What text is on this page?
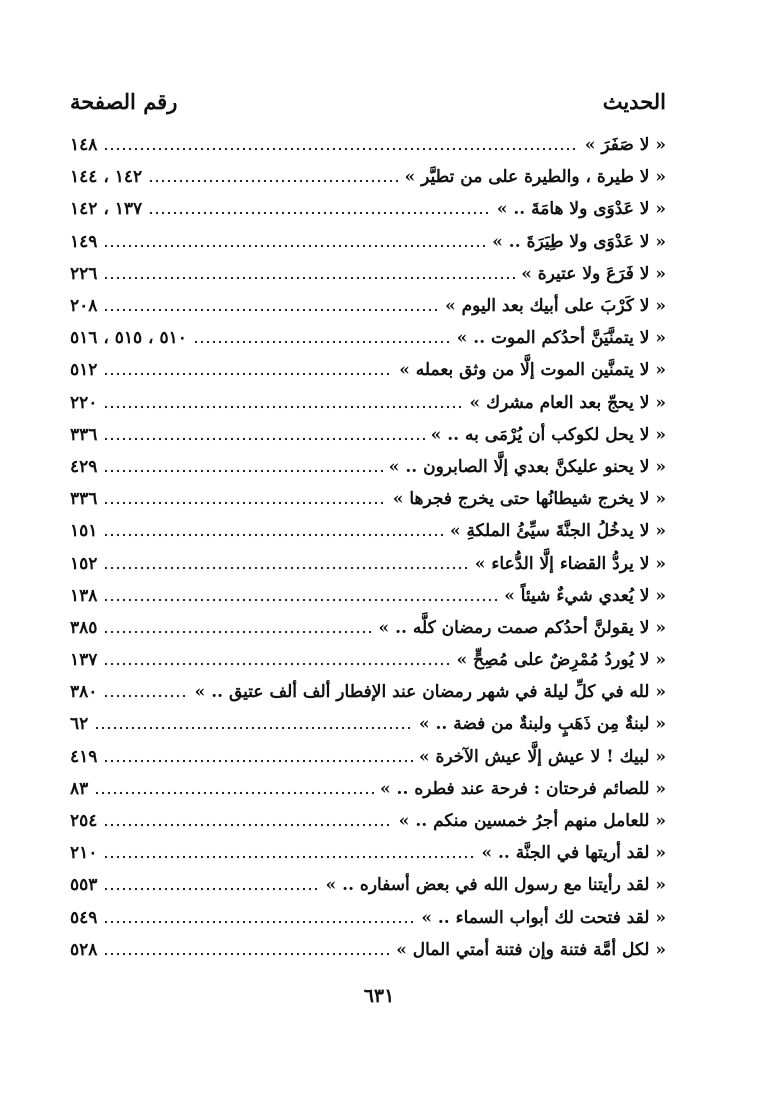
الحديث
رقم الصفحة
« لا صَفَرَ »
١٤٨
« لا طيرة ، والطيرة على من تطيَّر »
١٤٢ ، ١٤٤
« لا عَدْوَى ولا هامَةَ .. »
١٣٧ ، ١٤٢
« لا عَدْوَى ولا طِيَرَةَ .. »
١٤٩
« لا فَرَعَ ولا عتيرة »
٢٢٦
« لا كَرْبَ على أبيك بعد اليوم »
٢٠٨
« لا يتمنَّيَنَّ أحدُكم الموت .. »
٥١٠ ، ٥١٥ ، ٥١٦
« لا يتمنَّين الموت إلَّا من وثق بعمله »
٥١٢
« لا يحجّ بعد العام مشرك »
٢٢٠
« لا يحل لكوكب أن يُرْمَى به .. »
٣٣٦
« لا يحنو عليكنَّ بعدي إلَّا الصابرون .. »
٤٢٩
« لا يخرج شيطانُها حتى يخرج فجرها »
٣٣٦
« لا يدخُلُ الجنَّةَ سيِّئُ الملكةِ »
١٥١
« لا يردُّ القضاء إلَّا الدُّعاء »
١٥٢
« لا يُعدي شيءٌ شيئاً »
١٣٨
« لا يقولنَّ أحدُكم صمت رمضان كلَّه .. »
٣٨٥
« لا يُوردُ مُمْرِضٌ على مُصِحٍّ »
١٣٧
« لله في كلِّ ليلة في شهر رمضان عند الإفطار ألف ألف عتيق .. »
٣٨٠
« لبنةٌ مِن ذَهَبٍ ولبنةٌ من فضة .. »
٦٢
« لبيك ! لا عيش إلَّا عيش الآخرة »
٤١٩
« للصائم فرحتان : فرحة عند فطره .. »
٨٣
« للعامل منهم أجرُ خمسين منكم .. »
٢٥٤
« لقد أريتها في الجنَّة .. »
٢١٠
« لقد رأيتنا مع رسول الله في بعض أسفاره .. »
٥٥٣
« لقد فتحت لك أبواب السماء .. »
٥٤٩
« لكل أمَّة فتنة وإن فتنة أمتي المال »
٥٢٨
٦٣١
